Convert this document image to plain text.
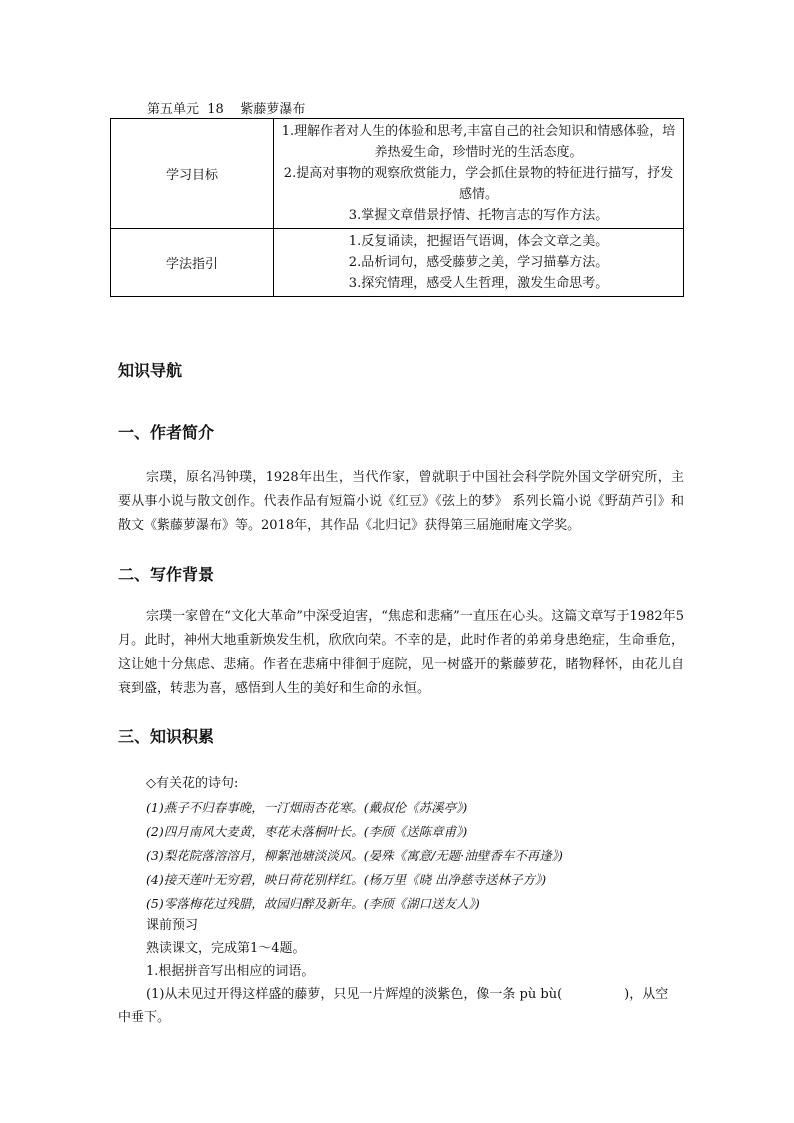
第五单元  18    紫藤萝瀑布
学习目标	1.理解作者对人生的体验和思考,丰富自己的社会知识和情感体验，培养热爱生命，珍惜时光的生活态度。
2.提高对事物的观察欣赏能力，学会抓住景物的特征进行描写，抒发感情。
3.掌握文章借景抒情、托物言志的写作方法。

学法指引	1.反复诵读，把握语气语调，体会文章之美。
2.品析词句，感受藤萝之美，学习描摹方法。
3.探究情理，感受人生哲理，激发生命思考。
知识导航
一、作者简介
宗璞，原名冯钟璞，1928年出生，当代作家，曾就职于中国社会科学院外国文学研究所，主要从事小说与散文创作。代表作品有短篇小说《红豆》《弦上的梦》 系列长篇小说《野葫芦引》和散文《紫藤萝瀑布》等。2018年，其作品《北归记》获得第三届施耐庵文学奖。
二、写作背景
宗璞一家曾在“文化大革命”中深受迫害，“焦虑和悲痛”一直压在心头。这篇文章写于1982年5月。此时，神州大地重新焕发生机，欣欣向荣。不幸的是，此时作者的弟弟身患绝症，生命垂危，这让她十分焦虑、悲痛。作者在悲痛中徘徊于庭院，见一树盛开的紫藤萝花，睹物释怀，由花儿自衰到盛，转悲为喜，感悟到人生的美好和生命的永恒。
三、知识积累
◇有关花的诗句:
(1)燕子不归春事晚，一汀烟雨杏花寒。(戴叔伦《苏溪亭》)
(2)四月南风大麦黄，枣花未落桐叶长。(李颀《送陈章甫》)
(3)梨花院落溶溶月，柳絮池塘淡淡风。(晏殊《寓意/无题·油壁香车不再逢》)
(4)接天莲叶无穷碧，映日荷花别样红。(杨万里《晓 出净慈寺送林子方》)
(5)零落梅花过残腊，故园归醉及新年。(李颀《湖口送友人》)
课前预习
熟读课文，完成第1～4题。
1.根据拼音写出相应的词语。
(1)从未见过开得这样盛的藤萝，只见一片辉煌的淡紫色，像一条 pù bù(	)，从空
中垂下。
